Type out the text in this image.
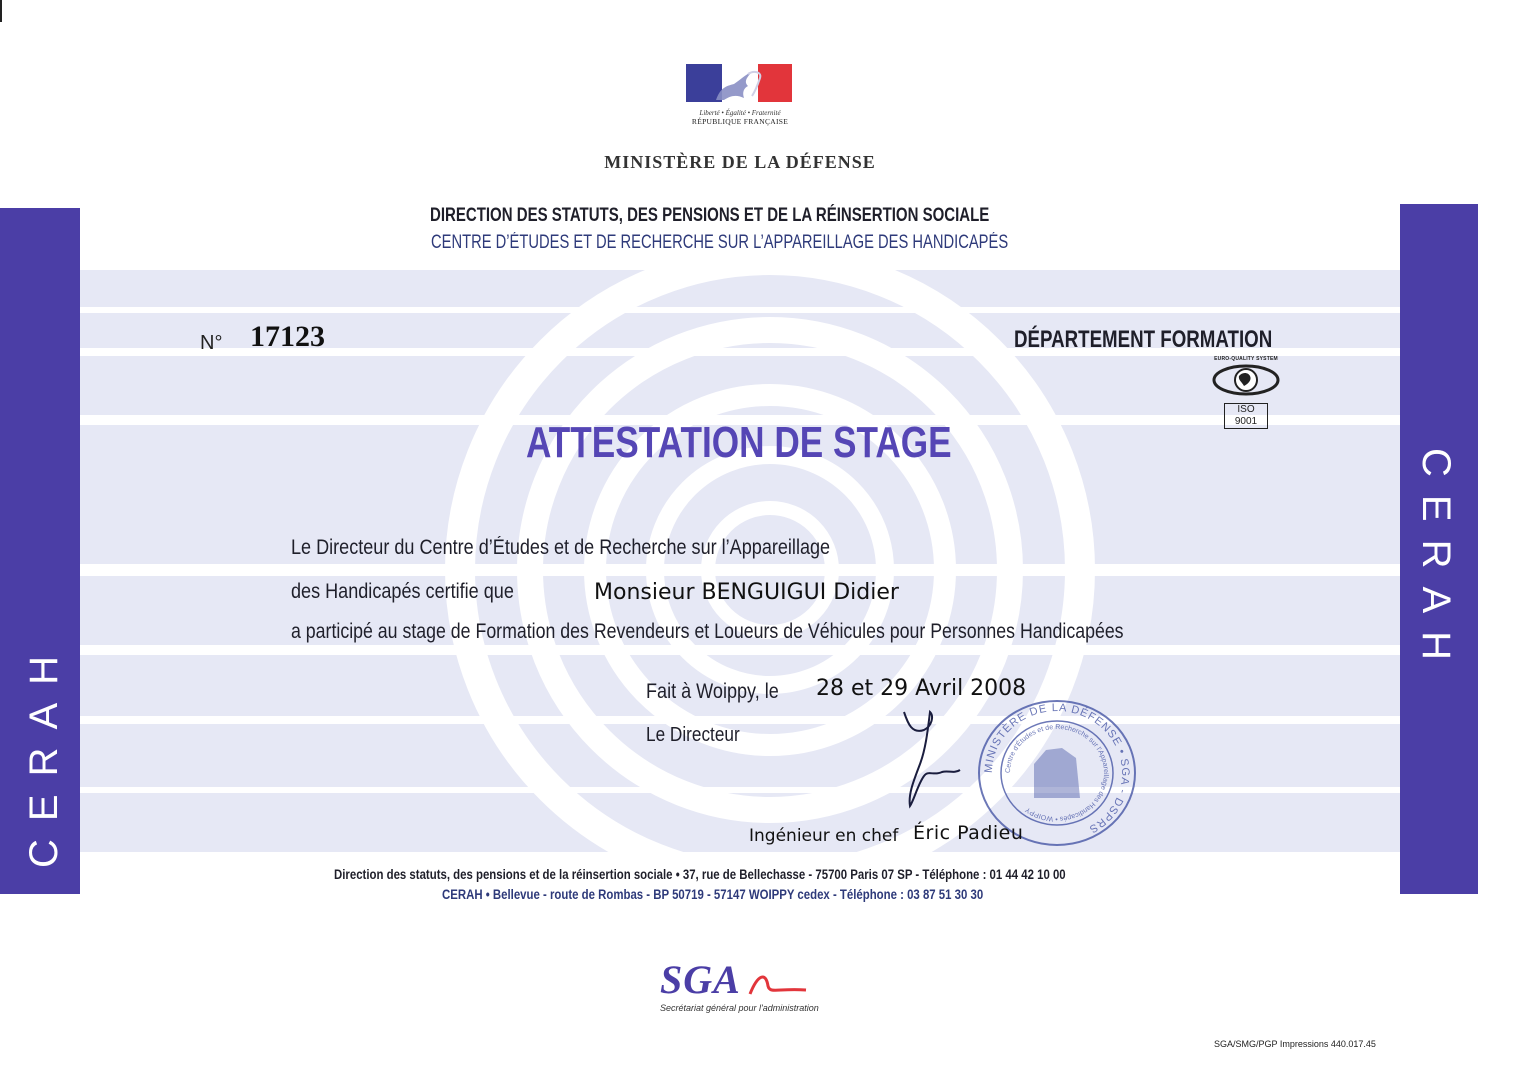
Liberté • Égalité • Fraternité
RÉPUBLIQUE FRANÇAISE
MINISTÈRE DE LA DÉFENSE
DIRECTION DES STATUTS, DES PENSIONS ET DE LA RÉINSERTION SOCIALE
CENTRE D’ÉTUDES ET DE RECHERCHE SUR L’APPAREILLAGE DES HANDICAPÉS
CERAH
CERAH
N° 17123	DÉPARTEMENT FORMATION
EURO-QUALITY SYSTEM
ISO 9001
ATTESTATION DE STAGE
Le Directeur du Centre d’Études et de Recherche sur l’Appareillage
des Handicapés certifie que	Monsieur BENGUIGUI Didier
a participé au stage de Formation des Revendeurs et Loueurs de Véhicules pour Personnes Handicapées
Fait à Woippy, le	28 et 29 Avril 2008
Le Directeur
MINISTÈRE DE LA DÉFENSE • SGA - DSPRS
Centre d'Études et de Recherche sur l'Appareillage des Handicapés • WOIPPY
Ingénieur en chef Éric Padieu
Direction des statuts, des pensions et de la réinsertion sociale • 37, rue de Bellechasse - 75700 Paris 07 SP - Téléphone : 01 44 42 10 00
CERAH • Bellevue - route de Rombas - BP 50719 - 57147 WOIPPY cedex - Téléphone : 03 87 51 30 30
SGA
Secrétariat général pour l'administration
SGA/SMG/PGP Impressions 440.017.45
